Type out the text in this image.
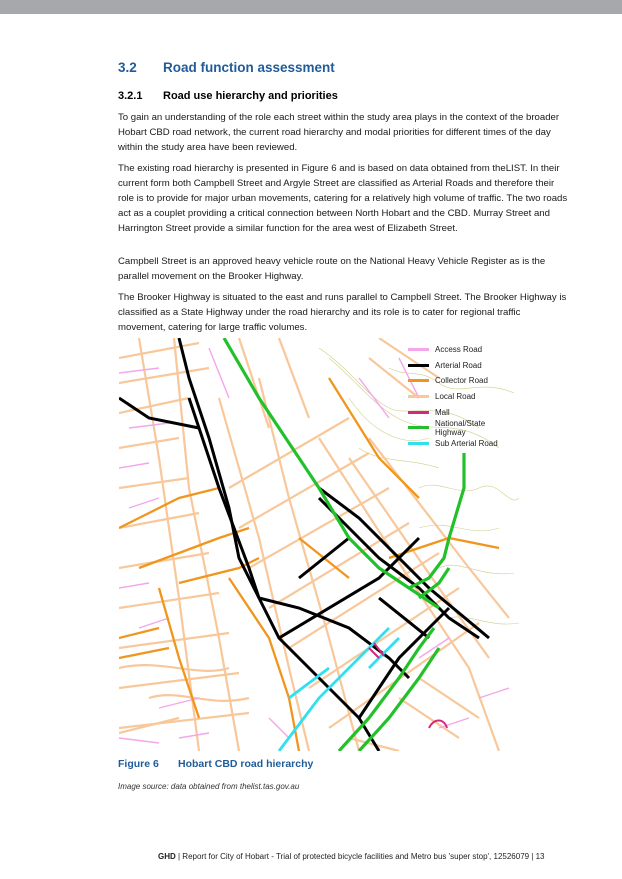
3.2 Road function assessment
3.2.1 Road use hierarchy and priorities

To gain an understanding of the role each street within the study area plays in the context of the broader Hobart CBD road network, the current road hierarchy and modal priorities for different times of the day within the study area have been reviewed.

The existing road hierarchy is presented in Figure 6 and is based on data obtained from theLIST. In their current form both Campbell Street and Argyle Street are classified as Arterial Roads and therefore their role is to provide for major urban movements, catering for a relatively high volume of traffic. The two roads act as a couplet providing a critical connection between North Hobart and the CBD. Murray Street and Harrington Street provide a similar function for the area west of Elizabeth Street.

Campbell Street is an approved heavy vehicle route on the National Heavy Vehicle Register as is the parallel movement on the Brooker Highway.

The Brooker Highway is situated to the east and runs parallel to Campbell Street. The Brooker Highway is classified as a State Highway under the road hierarchy and its role is to cater for regional traffic movement, catering for large traffic volumes.

Access Road
Arterial Road
Collector Road
Local Road
Mall
National/State Highway
Sub Arterial Road
Figure 6 Hobart CBD road hierarchy
Image source: data obtained from thelist.tas.gov.au
GHD | Report for City of Hobart - Trial of protected bicycle facilities and Metro bus 'super stop', 12526079 | 13
